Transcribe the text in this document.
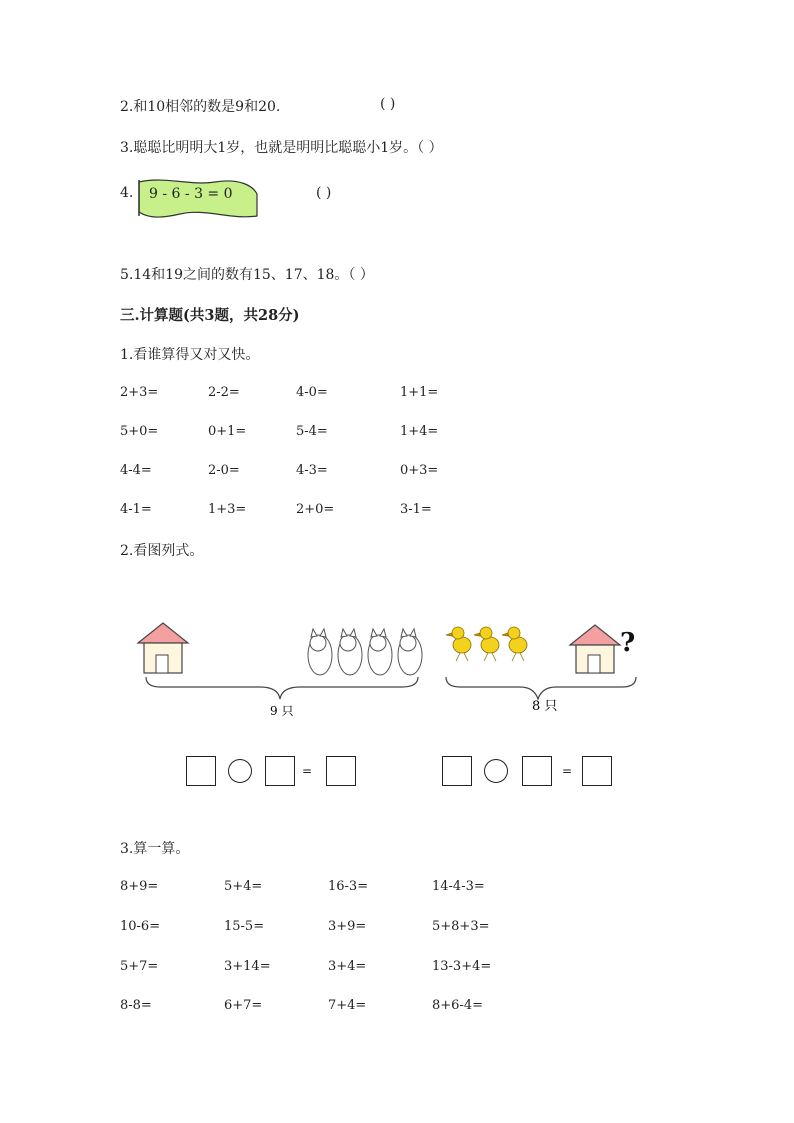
2.和10相邻的数是9和20.	( )
3.聪聪比明明大1岁，也就是明明比聪聪小1岁。（ ）
4. 9 - 6 - 3 = 0	( )
5.14和19之间的数有15、17、18。（ ）
三.计算题(共3题，共28分)
1.看谁算得又对又快。
2+3=	2-2=	4-0=	1+1=
5+0=	0+1=	5-4=	1+4=
4-4=	2-0=	4-3=	0+3=
4-1=	1+3=	2+0=	3-1=
2.看图列式。
9 只
?
8 只
=	=
3.算一算。
8+9=	5+4=	16-3=	14-4-3=
10-6=	15-5=	3+9=	5+8+3=
5+7=	3+14=	3+4=	13-3+4=
8-8=	6+7=	7+4=	8+6-4=
